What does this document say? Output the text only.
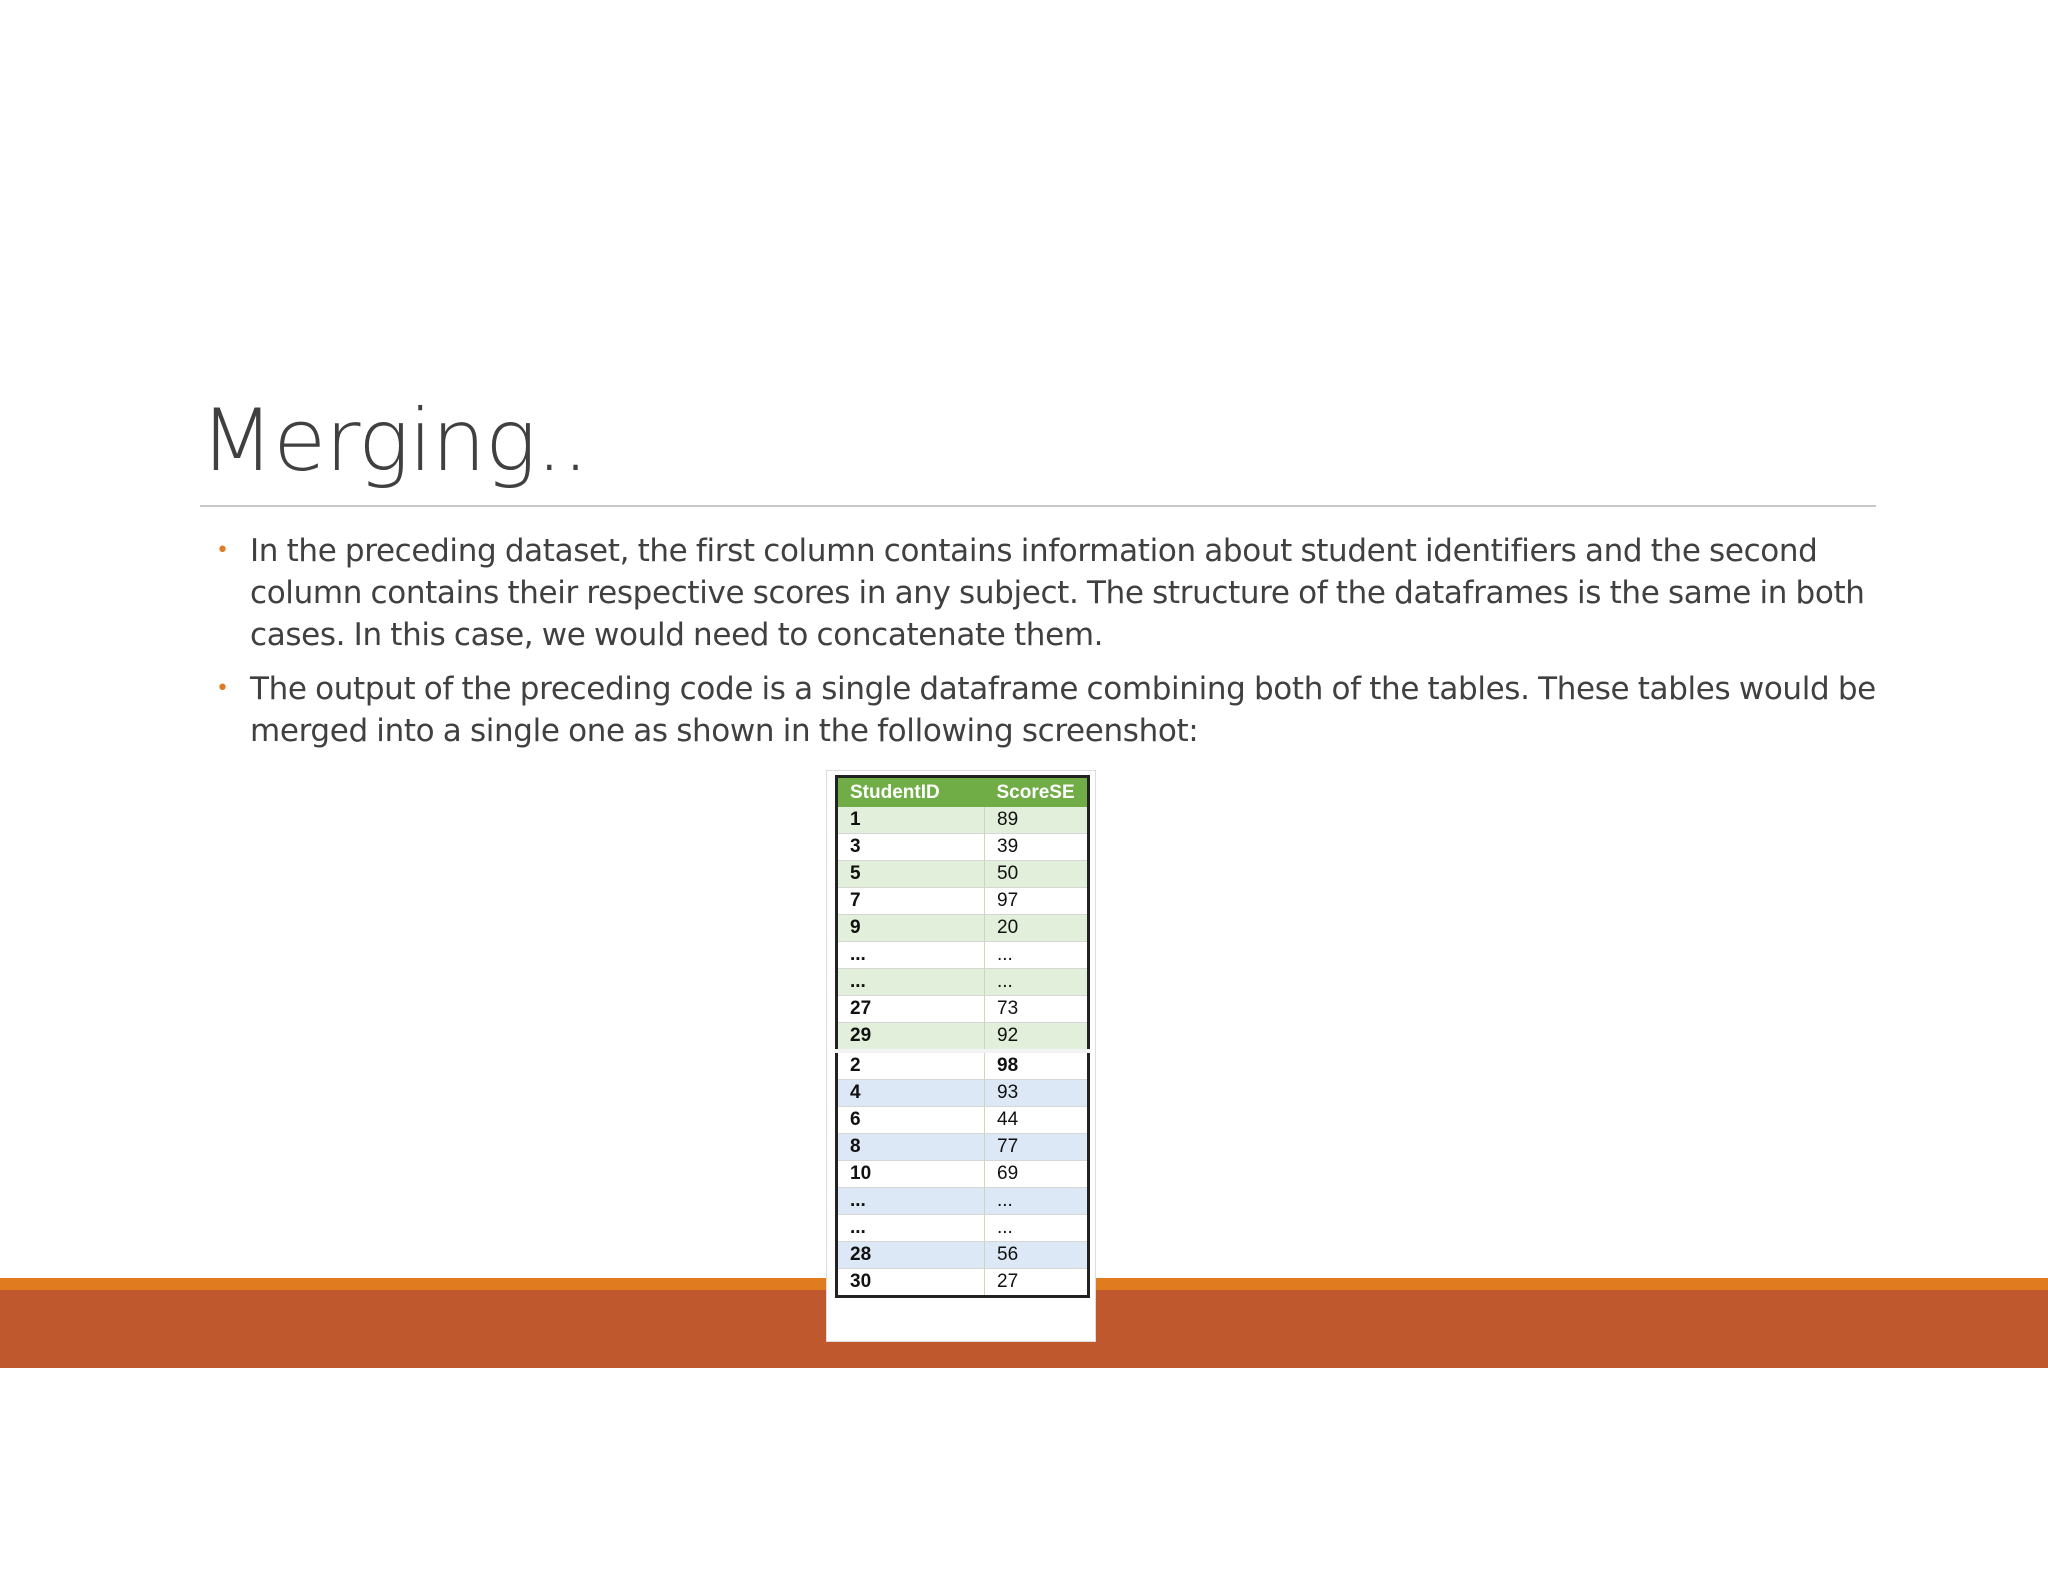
Merging..
• In the preceding dataset, the first column contains information about student identifiers and the second column contains their respective scores in any subject. The structure of the dataframes is the same in both cases. In this case, we would need to concatenate them.
• The output of the preceding code is a single dataframe combining both of the tables. These tables would be merged into a single one as shown in the following screenshot:
StudentID	ScoreSE
1	89
3	39
5	50
7	97
9	20
...	...
...	...
27	73
29	92
2	98
4	93
6	44
8	77
10	69
...	...
...	...
28	56
30	27
